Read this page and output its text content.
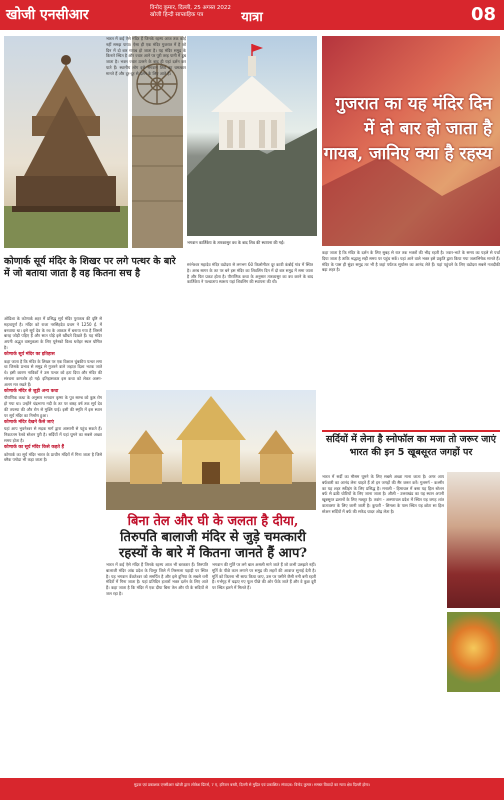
खोजी एनसीआर	विनोद कुमार, दिल्ली, 25 अगस्त 2022
खोजी हिन्दी साप्ताहिक पत्र	यात्रा	08
कोणार्क सूर्य मंदिर के शिखर पर लगे पत्थर के बारे में जो बताया जाता है वह कितना सच है

ओडिशा के कोणार्क शहर में प्रसिद्ध सूर्य मंदिर पुरातत्व की दृष्टि से महत्वपूर्ण है। मंदिर को राजा नरसिंहदेव प्रथम ने 1250 ई. में बनवाया था। इसे सूर्य देव के रथ के आकार में बनाया गया है जिसमें बारह जोड़ी पहिए हैं और सात घोड़े इसे खींचते दिखते हैं। यह मंदिर अपनी अद्भुत वास्तुकला के लिए यूनेस्को विश्व धरोहर स्थल घोषित है।

कोणार्क सूर्य मंदिर का इतिहास

कहा जाता है कि मंदिर के शिखर पर एक विशाल चुंबकीय पत्थर लगा था जिसके प्रभाव से समुद्र से गुजरने वाले जहाज़ दिशा भटक जाते थे। इसी कारण नाविकों ने उस पत्थर को हटा दिया और मंदिर की संरचना कमजोर हो गई। इतिहासकार इस कथा को लेकर अलग-अलग मत रखते हैं।

कोणार्क मंदिर से जुड़ी अन्य कथा

पौराणिक कथा के अनुसार भगवान कृष्ण के पुत्र साम्ब को कुष्ठ रोग हो गया था। उन्होंने चंद्रभागा नदी के तट पर बारह वर्ष तक सूर्य देव की तपस्या की और रोग से मुक्ति पाई। इसी की स्मृति में इस स्थान पर सूर्य मंदिर का निर्माण हुआ।

कोणार्क मंदिर देखने कैसे जाएं

यहां आप भुवनेश्वर से सड़क मार्ग द्वारा आसानी से पहुंच सकते हैं। निकटतम रेलवे स्टेशन पुरी है। सर्दियों में यहां घूमने का सबसे अच्छा समय होता है।

कोणार्क का सूर्य मंदिर किसे कहते हैं

कोणार्क का सूर्य मंदिर भारत के प्राचीन मंदिरों में गिना जाता है जिसे ब्लैक पगोडा भी कहा जाता है।

भारत में कई ऐसे मंदिर हैं जिनके रहस्य आज तक कोई नहीं समझ पाया। ऐसा ही एक मंदिर गुजरात में है जो दिन में दो बार गायब हो जाता है। यह मंदिर समुद्र के किनारे स्थित है और ज्वार आने पर पूरी तरह पानी में डूब जाता है। भक्त ज्वार उतरने के बाद ही यहां दर्शन कर पाते हैं। स्थानीय लोग इसे भगवान शिव का चमत्कार मानते हैं और दूर-दूर से दर्शन के लिए आते हैं।

भगवान कार्तिकेय के तारकासुर वध के बाद शिव की स्थापना की गई।

स्तंभेश्वर महादेव मंदिर वडोदरा से लगभग 60 किलोमीटर दूर कावी कंबोई गांव में स्थित है। अरब सागर के तट पर बने इस मंदिर का शिवलिंग दिन में दो बार समुद्र में समा जाता है और फिर प्रकट होता है। पौराणिक कथा के अनुसार तारकासुर का वध करने के बाद कार्तिकेय ने पश्चाताप स्वरूप यहां शिवलिंग की स्थापना की थी।

गुजरात का यह मंदिर दिन में दो बार हो जाता है गायब, जानिए क्या है रहस्य

कहा जाता है कि मंदिर के दर्शन के लिए सुबह से रात तक भक्तों की भीड़ रहती है। ज्वार-भाटे के समय का पहले से पर्चा दिया जाता है ताकि श्रद्धालु सही समय पर पहुंच सकें। यहां आने वाले भक्त इसे प्रकृति द्वारा किया गया जलाभिषेक मानते हैं। मंदिर के पास ही सुंदर समुद्र तट भी है जहां पर्यटक सूर्यास्त का आनंद लेते हैं। यहां पहुंचने के लिए वडोदरा सबसे नजदीकी बड़ा शहर है।

बिना तेल और घी के जलता है दीया,
तिरुपति बालाजी मंदिर से जुड़े चमत्कारी
रहस्यों के बारे में कितना जानते हैं आप?

भारत में कई ऐसे मंदिर हैं जिनके रहस्य आज भी बरकरार हैं। तिरुपति बालाजी मंदिर आंध्र प्रदेश के चित्तूर जिले में तिरुमला पहाड़ी पर स्थित है। यह भगवान वेंकटेश्वर को समर्पित है और इसे दुनिया के सबसे धनी मंदिरों में गिना जाता है। यहां प्रतिदिन हजारों भक्त दर्शन के लिए आते हैं। कहा जाता है कि मंदिर में एक दीया बिना तेल और घी के सदियों से जल रहा है।

भगवान की मूर्ति पर लगे बाल असली माने जाते हैं जो कभी उलझते नहीं। मूर्ति के पीछे कान लगाने पर समुद्र की लहरों की आवाज सुनाई देती है। मूर्ति को कितना भी साफ किया जाए, उस पर पसीने जैसी नमी बनी रहती है। गर्भगृह में चढ़ाए गए फूल पीछे की ओर फेंके जाते हैं और वे कुछ दूरी पर स्थित झरने में मिलते हैं।

सर्दियों में लेना है स्नोफॉल का मजा तो जरूर जाएं भारत की इन 5 खूबसूरत जगहों पर

भारत में सर्दी का मौसम घूमने के लिए सबसे अच्छा माना जाता है। अगर आप बर्फबारी का आनंद लेना चाहते हैं तो इन जगहों की सैर जरूर करें। गुलमर्ग - कश्मीर का यह शहर स्कीइंग के लिए प्रसिद्ध है। मनाली - हिमाचल में बसा यह हिल स्टेशन बर्फ से ढकी चोटियों के लिए जाना जाता है। औली - उत्तराखंड का यह स्थान अपनी खूबसूरत ढलानों के लिए मशहूर है। तवांग - अरुणाचल प्रदेश में स्थित यह जगह शांत वातावरण के लिए जानी जाती है। कुफरी - शिमला के पास स्थित यह छोटा सा हिल स्टेशन सर्दियों में बर्फ की सफेद चादर ओढ़ लेता है।

मुद्रक एवं प्रकाशक एनसीआर खोजी द्वारा लोकेश प्रिंटर्स, 7 ए, हरिजन बस्ती, दिल्ली से मुद्रित एवं प्रकाशित। संपादक: विनोद कुमार। समस्त विवादों का न्याय क्षेत्र दिल्ली होगा।
